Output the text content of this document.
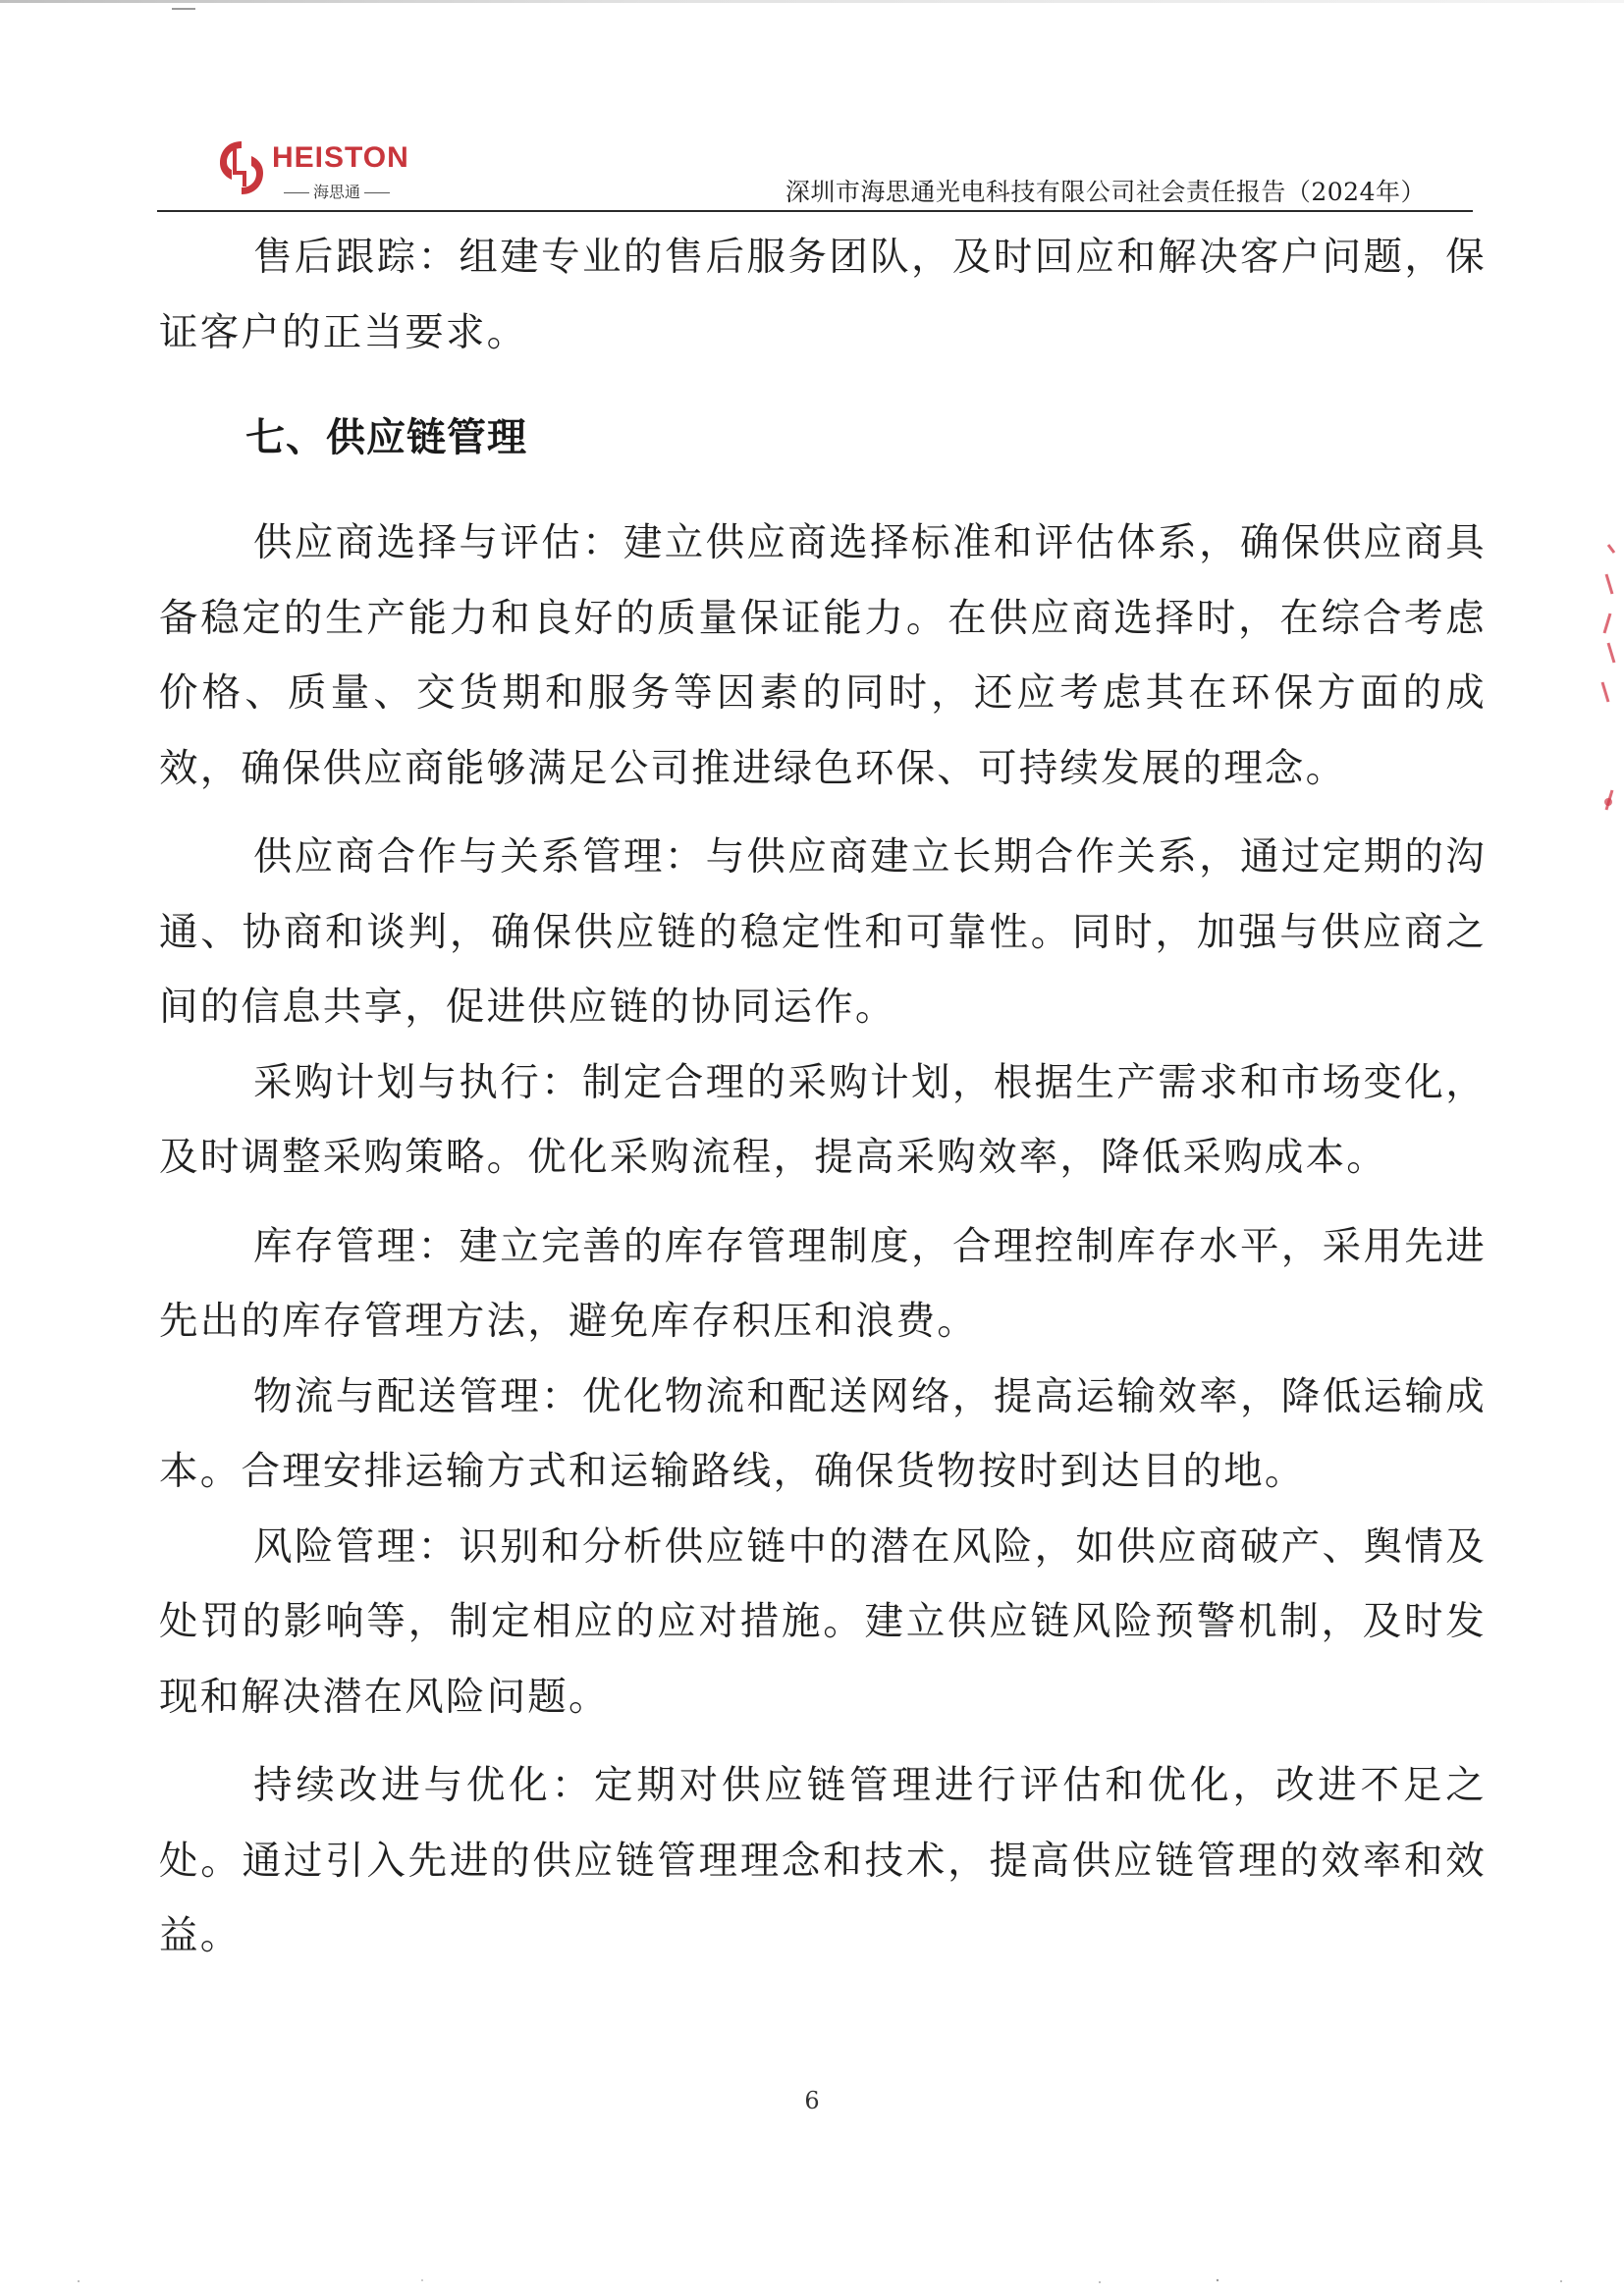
HEISTON
海思通	深圳市海思通光电科技有限公司社会责任报告（2024年）

售后跟踪：组建专业的售后服务团队，及时回应和解决客户问题，保证客户的正当要求。

七、供应链管理

供应商选择与评估：建立供应商选择标准和评估体系，确保供应商具备稳定的生产能力和良好的质量保证能力。在供应商选择时，在综合考虑价格、质量、交货期和服务等因素的同时，还应考虑其在环保方面的成效，确保供应商能够满足公司推进绿色环保、可持续发展的理念。

供应商合作与关系管理：与供应商建立长期合作关系，通过定期的沟通、协商和谈判，确保供应链的稳定性和可靠性。同时，加强与供应商之间的信息共享，促进供应链的协同运作。

采购计划与执行：制定合理的采购计划，根据生产需求和市场变化，及时调整采购策略。优化采购流程，提高采购效率，降低采购成本。

库存管理：建立完善的库存管理制度，合理控制库存水平，采用先进先出的库存管理方法，避免库存积压和浪费。

物流与配送管理：优化物流和配送网络，提高运输效率，降低运输成本。合理安排运输方式和运输路线，确保货物按时到达目的地。

风险管理：识别和分析供应链中的潜在风险，如供应商破产、舆情及处罚的影响等，制定相应的应对措施。建立供应链风险预警机制，及时发现和解决潜在风险问题。

持续改进与优化：定期对供应链管理进行评估和优化，改进不足之处。通过引入先进的供应链管理理念和技术，提高供应链管理的效率和效益。

6
